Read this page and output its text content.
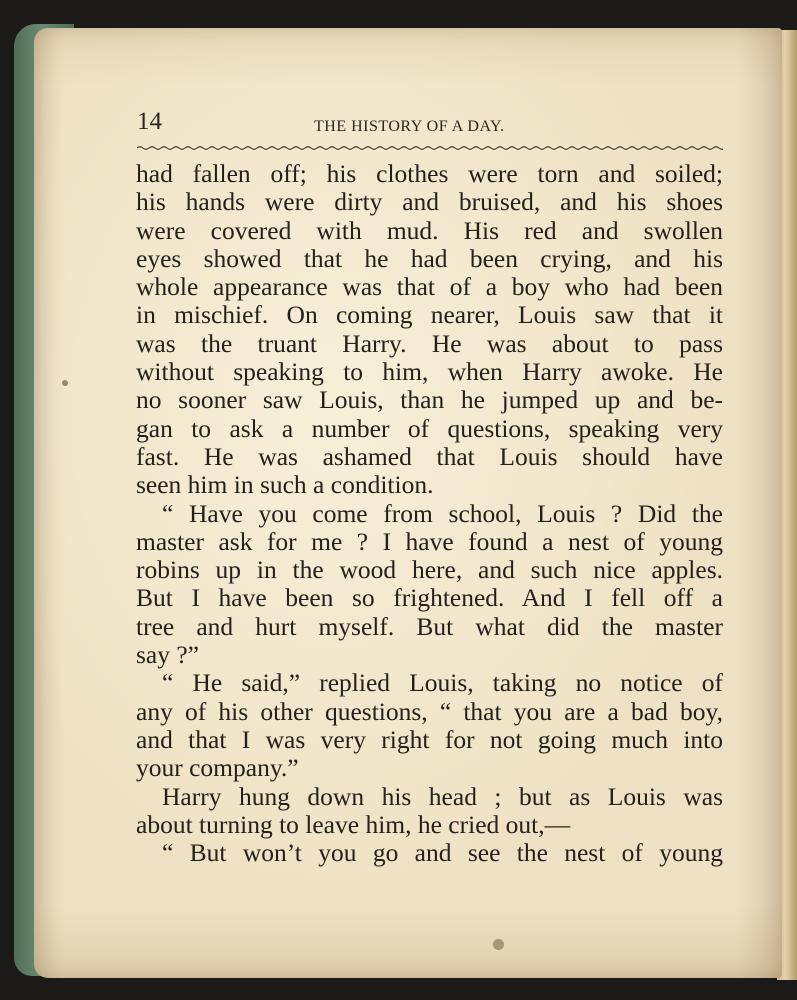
14	THE HISTORY OF A DAY.

had fallen off; his clothes were torn and soiled;
his hands were dirty and bruised, and his shoes
were covered with mud. His red and swollen
eyes showed that he had been crying, and his
whole appearance was that of a boy who had been
in mischief. On coming nearer, Louis saw that it
was the truant Harry. He was about to pass
without speaking to him, when Harry awoke. He
no sooner saw Louis, than he jumped up and be-
gan to ask a number of questions, speaking very
fast. He was ashamed that Louis should have
seen him in such a condition.
“ Have you come from school, Louis ? Did the
master ask for me ? I have found a nest of young
robins up in the wood here, and such nice apples.
But I have been so frightened. And I fell off a
tree and hurt myself. But what did the master
say ?”
“ He said,” replied Louis, taking no notice of
any of his other questions, “ that you are a bad boy,
and that I was very right for not going much into
your company.”
Harry hung down his head ; but as Louis was
about turning to leave him, he cried out,—
“ But won’t you go and see the nest of young
